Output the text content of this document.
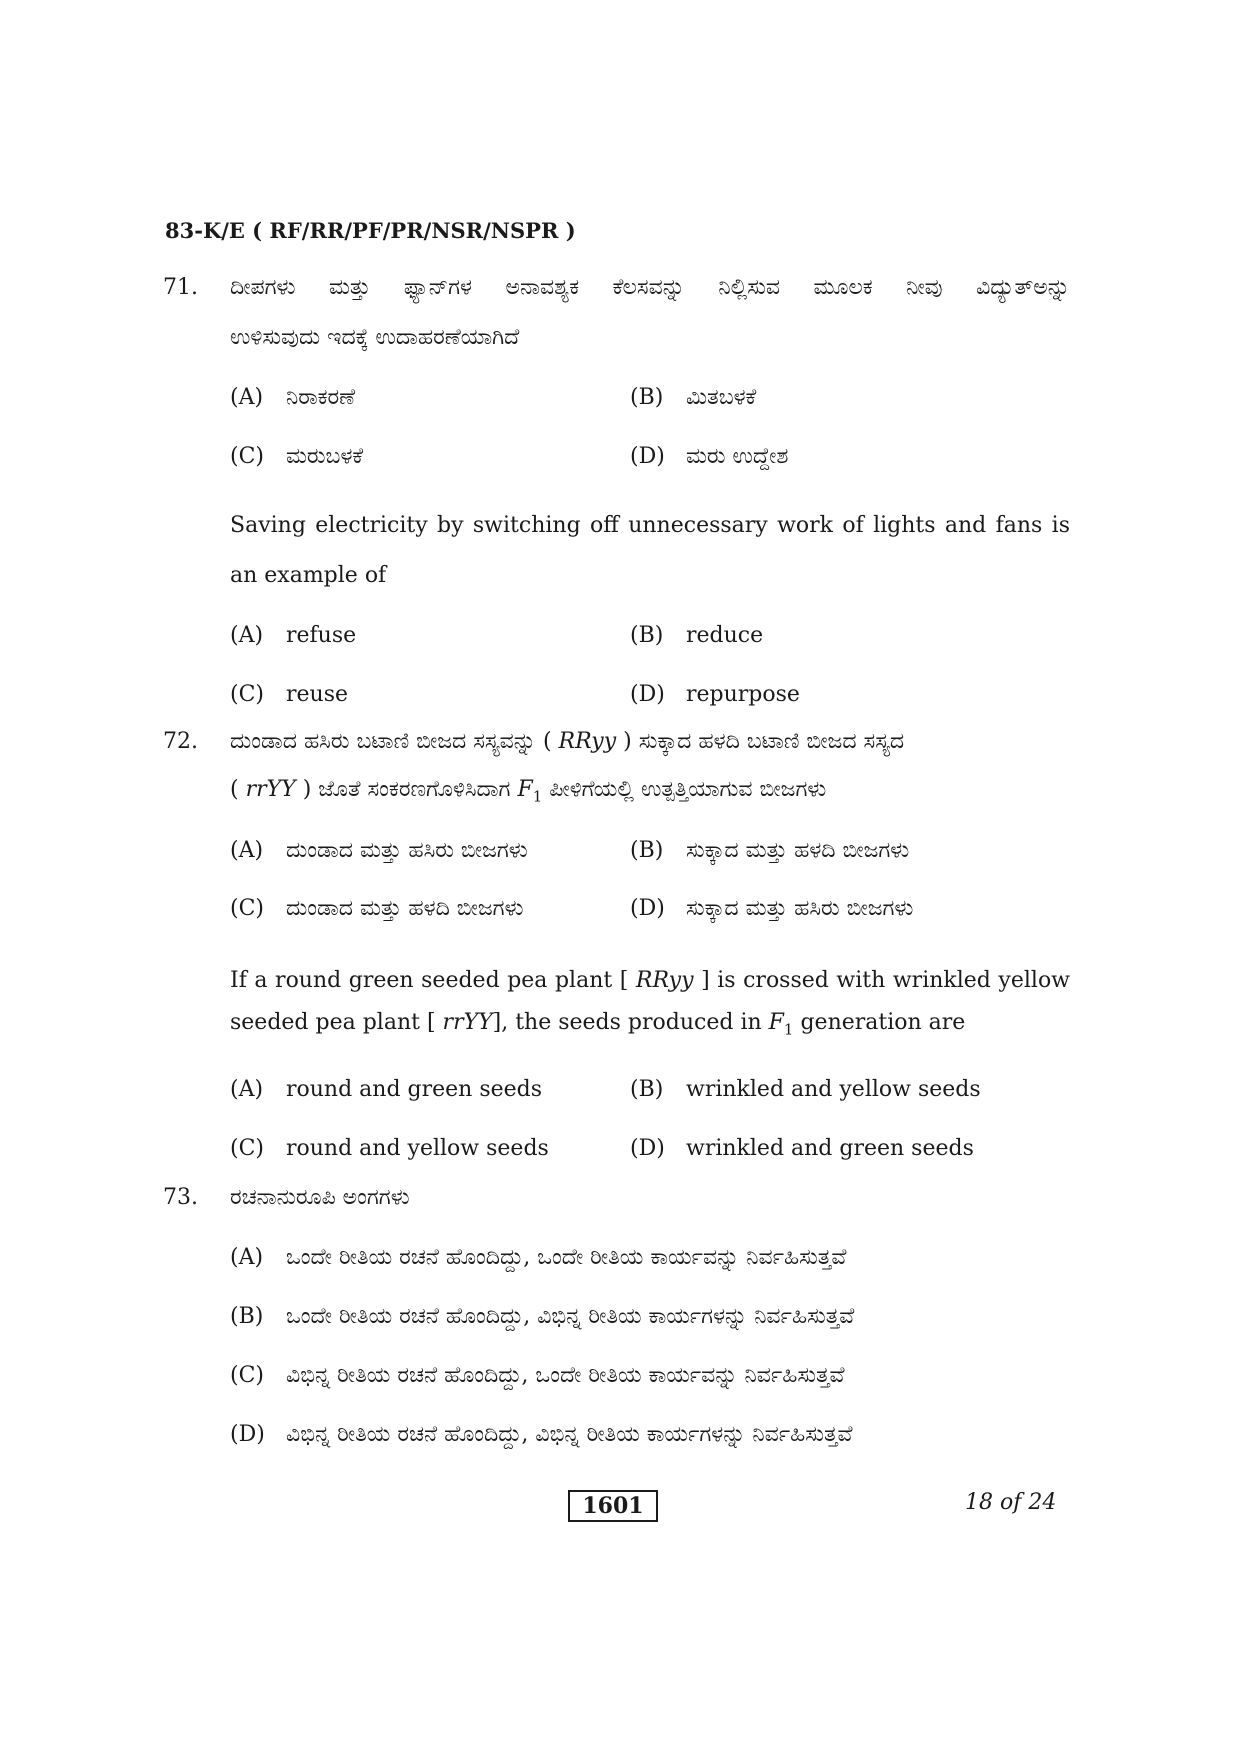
83-K/E ( RF/RR/PF/PR/NSR/NSPR )
71. ದೀಪಗಳು ಮತ್ತು ಫ್ಯಾನ್‌ಗಳ ಅನಾವಶ್ಯಕ ಕೆಲಸವನ್ನು ನಿಲ್ಲಿಸುವ ಮೂಲಕ ನೀವು ವಿದ್ಯುತ್‌ಅನ್ನು
ಉಳಿಸುವುದು ಇದಕ್ಕೆ ಉದಾಹರಣೆಯಾಗಿದೆ
(A) ನಿರಾಕರಣೆ	(B) ಮಿತಬಳಕೆ
(C) ಮರುಬಳಕೆ	(D) ಮರು ಉದ್ದೇಶ
Saving electricity by switching off unnecessary work of lights and fans is
an example of
(A) refuse	(B) reduce
(C) reuse	(D) repurpose
72. ದುಂಡಾದ ಹಸಿರು ಬಟಾಣಿ ಬೀಜದ ಸಸ್ಯವನ್ನು ( RRyy ) ಸುಕ್ಕಾದ ಹಳದಿ ಬಟಾಣಿ ಬೀಜದ ಸಸ್ಯದ
( rrYY ) ಜೊತೆ ಸಂಕರಣಗೊಳಿಸಿದಾಗ $F_1$ ಪೀಳಿಗೆಯಲ್ಲಿ ಉತ್ಪತ್ತಿಯಾಗುವ ಬೀಜಗಳು
(A) ದುಂಡಾದ ಮತ್ತು ಹಸಿರು ಬೀಜಗಳು	(B) ಸುಕ್ಕಾದ ಮತ್ತು ಹಳದಿ ಬೀಜಗಳು
(C) ದುಂಡಾದ ಮತ್ತು ಹಳದಿ ಬೀಜಗಳು	(D) ಸುಕ್ಕಾದ ಮತ್ತು ಹಸಿರು ಬೀಜಗಳು
If a round green seeded pea plant [ RRyy ] is crossed with wrinkled yellow
seeded pea plant [ rrYY], the seeds produced in $F_1$ generation are
(A) round and green seeds	(B) wrinkled and yellow seeds
(C) round and yellow seeds	(D) wrinkled and green seeds
73. ರಚನಾನುರೂಪಿ ಅಂಗಗಳು
(A) ಒಂದೇ ರೀತಿಯ ರಚನೆ ಹೊಂದಿದ್ದು, ಒಂದೇ ರೀತಿಯ ಕಾರ್ಯವನ್ನು ನಿರ್ವಹಿಸುತ್ತವೆ
(B) ಒಂದೇ ರೀತಿಯ ರಚನೆ ಹೊಂದಿದ್ದು, ವಿಭಿನ್ನ ರೀತಿಯ ಕಾರ್ಯಗಳನ್ನು ನಿರ್ವಹಿಸುತ್ತವೆ
(C) ವಿಭಿನ್ನ ರೀತಿಯ ರಚನೆ ಹೊಂದಿದ್ದು, ಒಂದೇ ರೀತಿಯ ಕಾರ್ಯವನ್ನು ನಿರ್ವಹಿಸುತ್ತವೆ
(D) ವಿಭಿನ್ನ ರೀತಿಯ ರಚನೆ ಹೊಂದಿದ್ದು, ವಿಭಿನ್ನ ರೀತಿಯ ಕಾರ್ಯಗಳನ್ನು ನಿರ್ವಹಿಸುತ್ತವೆ
1601	18 of 24
